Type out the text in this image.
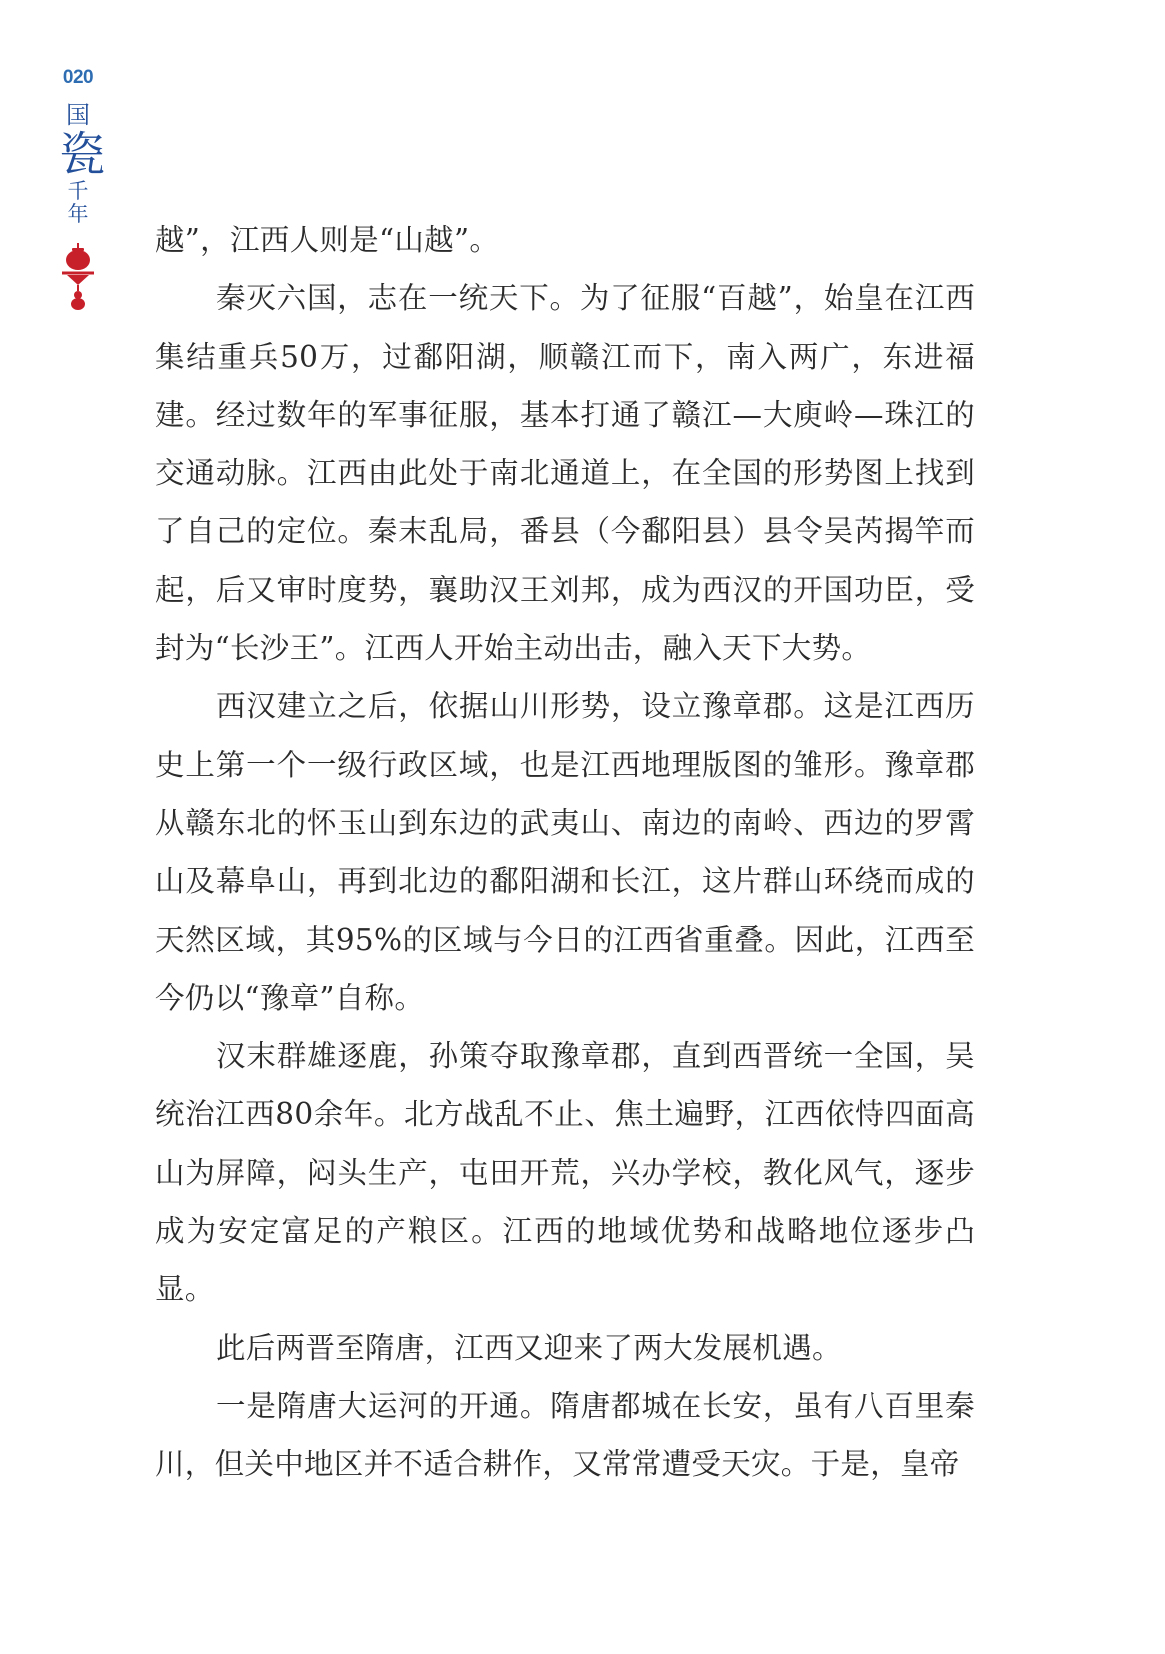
020
国
瓷
千
年

越”，江西人则是“山越”。

秦灭六国，志在一统天下。为了征服“百越”，始皇在江西集结重兵50万，过鄱阳湖，顺赣江而下，南入两广，东进福建。经过数年的军事征服，基本打通了赣江—大庾岭—珠江的交通动脉。江西由此处于南北通道上，在全国的形势图上找到了自己的定位。秦末乱局，番县（今鄱阳县）县令吴芮揭竿而起，后又审时度势，襄助汉王刘邦，成为西汉的开国功臣，受封为“长沙王”。江西人开始主动出击，融入天下大势。

西汉建立之后，依据山川形势，设立豫章郡。这是江西历史上第一个一级行政区域，也是江西地理版图的雏形。豫章郡从赣东北的怀玉山到东边的武夷山、南边的南岭、西边的罗霄山及幕阜山，再到北边的鄱阳湖和长江，这片群山环绕而成的天然区域，其95%的区域与今日的江西省重叠。因此，江西至今仍以“豫章”自称。

汉末群雄逐鹿，孙策夺取豫章郡，直到西晋统一全国，吴统治江西80余年。北方战乱不止、焦土遍野，江西依恃四面高山为屏障，闷头生产，屯田开荒，兴办学校，教化风气，逐步成为安定富足的产粮区。江西的地域优势和战略地位逐步凸显。

此后两晋至隋唐，江西又迎来了两大发展机遇。

一是隋唐大运河的开通。隋唐都城在长安，虽有八百里秦川，但关中地区并不适合耕作，又常常遭受天灾。于是，皇帝
